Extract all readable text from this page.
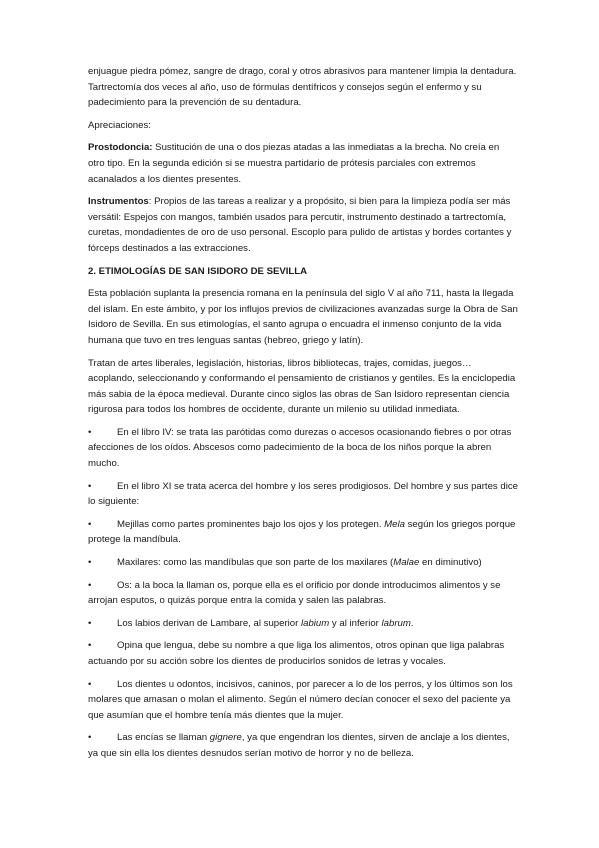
enjuague piedra pómez, sangre de drago, coral y otros abrasivos para mantener limpia la dentadura. Tartrectomía dos veces al año, uso de fórmulas dentífricos y consejos según el enfermo y su padecimiento para la prevención de su dentadura.

Apreciaciones:

Prostodoncia: Sustitución de una o dos piezas atadas a las inmediatas a la brecha. No creía en otro tipo. En la segunda edición si se muestra partidario de prótesis parciales con extremos acanalados a los dientes presentes.

Instrumentos: Propios de las tareas a realizar y a propósito, si bien para la limpieza podía ser más versátil: Espejos con mangos, también usados para percutir, instrumento destinado a tartrectomía, curetas, mondadientes de oro de uso personal. Escoplo para pulido de artistas y bordes cortantes y fórceps destinados a las extracciones.

2. ETIMOLOGÍAS DE SAN ISIDORO DE SEVILLA

Esta población suplanta la presencia romana en la península del siglo V al año 711, hasta la llegada del islam. En este ámbito, y por los influjos previos de civilizaciones avanzadas surge la Obra de San Isidoro de Sevilla. En sus etimologías, el santo agrupa o encuadra el inmenso conjunto de la vida humana que tuvo en tres lenguas santas (hebreo, griego y latín).

Tratan de artes liberales, legislación, historias, libros bibliotecas, trajes, comidas, juegos…acoplando, seleccionando y conformando el pensamiento de cristianos y gentiles. Es la enciclopedia más sabia de la época medieval. Durante cinco siglos las obras de San Isidoro representan ciencia rigurosa para todos los hombres de occidente, durante un milenio su utilidad inmediata.

•	En el libro IV: se trata las parótidas como durezas o accesos ocasionando fiebres o por otras afecciones de los oídos. Abscesos como padecimiento de la boca de los niños porque la abren mucho.

•	En el libro XI se trata acerca del hombre y los seres prodigiosos. Del hombre y sus partes dice lo siguiente:

•	Mejillas como partes prominentes bajo los ojos y los protegen. Mela según los griegos porque protege la mandíbula.

•	Maxilares: como las mandíbulas que son parte de los maxilares (Malae en diminutivo)

•	Os: a la boca la llaman os, porque ella es el orificio por donde introducimos alimentos y se arrojan esputos, o quizás porque entra la comida y salen las palabras.

•	Los labios derivan de Lambare, al superior labium y al inferior labrum.

•	Opina que lengua, debe su nombre a que liga los alimentos, otros opinan que liga palabras actuando por su acción sobre los dientes de producirlos sonidos de letras y vocales.

•	Los dientes u odontos, incisivos, caninos, por parecer a lo de los perros, y los últimos son los molares que amasan o molan el alimento. Según el número decían conocer el sexo del paciente ya que asumían que el hombre tenía más dientes que la mujer.

•	Las encías se llaman gignere, ya que engendran los dientes, sirven de anclaje a los dientes, ya que sin ella los dientes desnudos serían motivo de horror y no de belleza.
